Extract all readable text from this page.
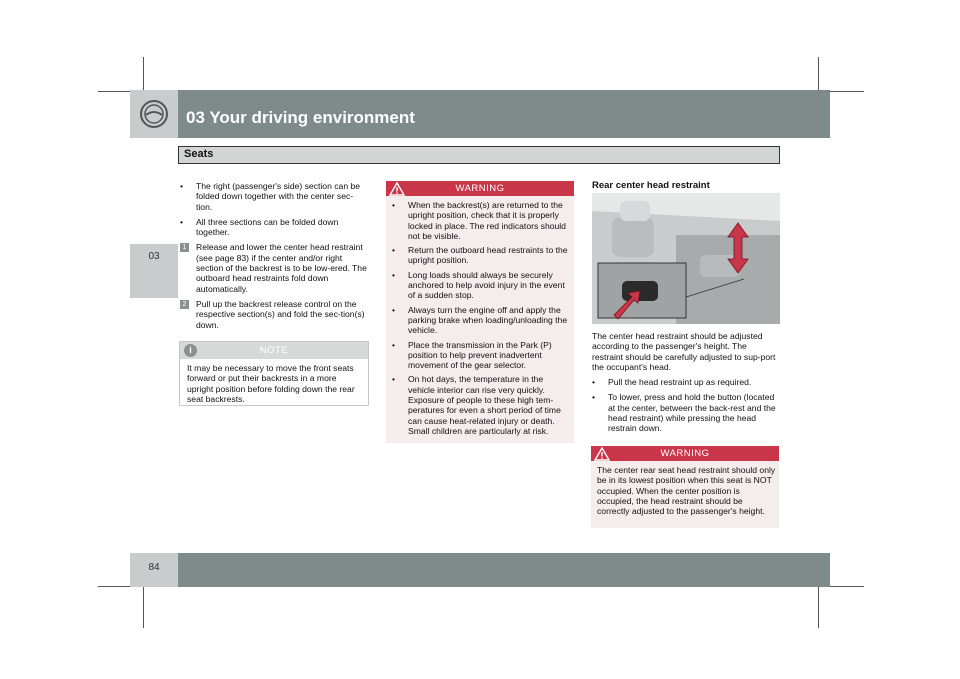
03 Your driving environment
Seats
03
84
• The right (passenger's side) section can be folded down together with the center sec-tion.
• All three sections can be folded down together.
1 Release and lower the center head restraint (see page 83) if the center and/or right section of the backrest is to be low-ered. The outboard head restraints fold down automatically.
2 Pull up the backrest release control on the respective section(s) and fold the sec-tion(s) down.
i	NOTE
It may be necessary to move the front seats forward or put their backrests in a more upright position before folding down the rear seat backrests.
WARNING
• When the backrest(s) are returned to the upright position, check that it is properly locked in place. The red indicators should not be visible.
• Return the outboard head restraints to the upright position.
• Long loads should always be securely anchored to help avoid injury in the event of a sudden stop.
• Always turn the engine off and apply the parking brake when loading/unloading the vehicle.
• Place the transmission in the Park (P) position to help prevent inadvertent movement of the gear selector.
• On hot days, the temperature in the vehicle interior can rise very quickly. Exposure of people to these high tem-peratures for even a short period of time can cause heat-related injury or death. Small children are particularly at risk.
Rear center head restraint
The center head restraint should be adjusted according to the passenger's height. The restraint should be carefully adjusted to sup-port the occupant's head.
• Pull the head restraint up as required.
• To lower, press and hold the button (located at the center, between the back-rest and the head restraint) while pressing the head restrain down.
WARNING
The center rear seat head restraint should only be in its lowest position when this seat is NOT occupied. When the center position is occupied, the head restraint should be correctly adjusted to the passenger's height.
